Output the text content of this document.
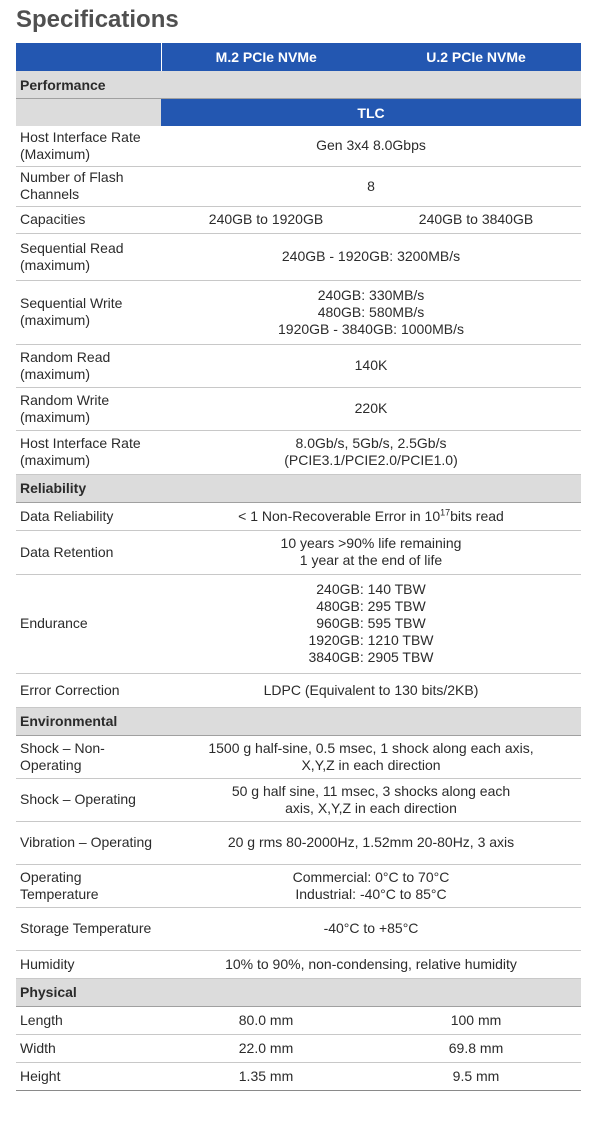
Specifications
	M.2 PCIe NVMe	U.2 PCIe NVMe
Performance		
	TLC	
Host Interface Rate (Maximum)	Gen 3x4 8.0Gbps	
Number of Flash Channels	8	
Capacities	240GB to 1920GB	240GB to 3840GB
Sequential Read (maximum)	240GB - 1920GB: 3200MB/s	
Sequential Write (maximum)	240GB: 330MB/s
480GB: 580MB/s
1920GB - 3840GB: 1000MB/s	

Random Read (maximum)	140K	
Random Write (maximum)	220K	
Host Interface Rate (maximum)	8.0Gb/s, 5Gb/s, 2.5Gb/s
(PCIE3.1/PCIE2.0/PCIE1.0)	

Reliability		
Data Reliability	< 1 Non-Recoverable Error in $10^{17}bits$ read	
Data Retention	10 years >90% life remaining
1 year at the end of life	

Endurance	240GB: 140 TBW
480GB: 295 TBW
960GB: 595 TBW
1920GB: 1210 TBW
3840GB: 2905 TBW	

Error Correction	LDPC (Equivalent to 130 bits/2KB)	
Environmental		
Shock – Non-Operating	1500 g half-sine, 0.5 msec, 1 shock along each axis,
X,Y,Z in each direction	

Shock – Operating	50 g half sine, 11 msec, 3 shocks along each
axis, X,Y,Z in each direction	

Vibration – Operating	20 g rms 80-2000Hz, 1.52mm 20-80Hz, 3 axis	
Operating Temperature	Commercial: 0°C to 70°C
Industrial: -40°C to 85°C	

Storage Temperature	-40°C to +85°C	
Humidity	10% to 90%, non-condensing, relative humidity	
Physical		
Length	80.0 mm	100 mm
Width	22.0 mm	69.8 mm
Height	1.35 mm	9.5 mm
